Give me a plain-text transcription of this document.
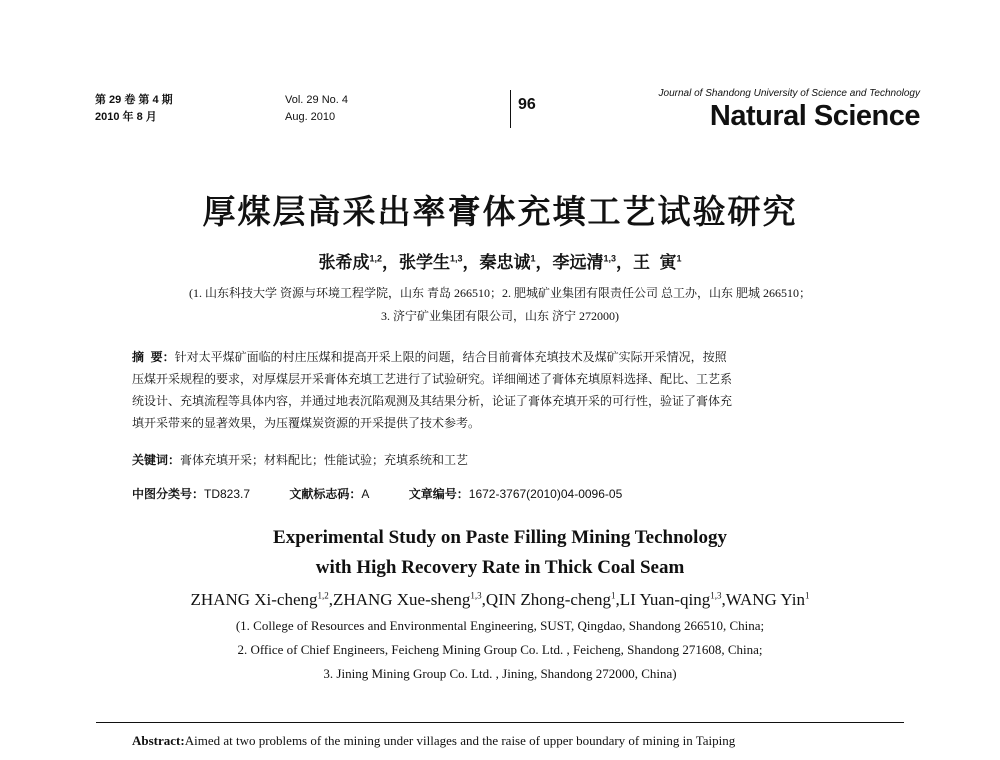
第 29 卷 第 4 期
2010 年 8 月
Vol. 29 No. 4
Aug. 2010
96
Journal of Shandong University of Science and Technology
Natural Science
厚煤层高采出率膏体充填工艺试验研究
张希成$^{1,2}$，张学生$^{1,3}$，秦忠诚$^1$，李远清$^{1,3}$，王  寅$^1$
(1. 山东科技大学 资源与环境工程学院，山东 青岛 266510；2. 肥城矿业集团有限责任公司 总工办，山东 肥城 266510；
3. 济宁矿业集团有限公司，山东 济宁 272000)
摘  要：针对太平煤矿面临的村庄压煤和提高开采上限的问题，结合目前膏体充填技术及煤矿实际开采情况，按照
压煤开采规程的要求，对厚煤层开采膏体充填工艺进行了试验研究。详细阐述了膏体充填原料选择、配比、工艺系
统设计、充填流程等具体内容，并通过地表沉陷观测及其结果分析，论证了膏体充填开采的可行性，验证了膏体充
填开采带来的显著效果，为压覆煤炭资源的开采提供了技术参考。
关键词：膏体充填开采；材料配比；性能试验；充填系统和工艺
中图分类号：TD823.7	文献标志码：A	文章编号：1672-3767(2010)04-0096-05
Experimental Study on Paste Filling Mining Technology
with High Recovery Rate in Thick Coal Seam
ZHANG Xi-cheng$^{1,2}$,ZHANG Xue-sheng$^{1,3}$,QIN Zhong-cheng$^1$,LI Yuan-qing$^{1,3}$,WANG Yin$^1$
(1. College of Resources and Environmental Engineering, SUST, Qingdao, Shandong 266510, China;
2. Office of Chief Engineers, Feicheng Mining Group Co. Ltd. , Feicheng, Shandong 271608, China;
3. Jining Mining Group Co. Ltd. , Jining, Shandong 272000, China)
Abstract:Aimed at two problems of the mining under villages and the raise of upper boundary of mining in Taiping
